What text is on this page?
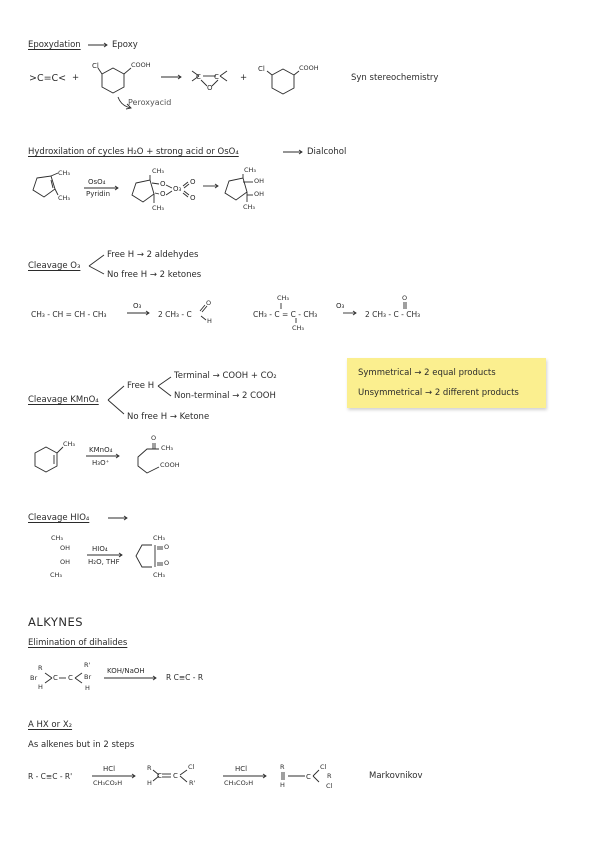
Epoxydation	Epoxy
>C=C< +
Cl	COOH
Peroxyacid
C C
O
+
Cl	COOH
Syn stereochemistry
Hydroxilation of cycles H₂O + strong acid or OsO₄	Dialcohol
CH₃
CH₃
OsO₄
Pyridin
O
O
O
O
CH₃
CH₃
O₃
CH₃
OH
OH
CH₃
Cleavage O₃
Free H → 2 aldehydes
No free H → 2 ketones
CH₃ - CH = CH - CH₃
O₃
2 CH₃ - C
O
H
CH₃
CH₃ - C = C - CH₃
CH₃
O₃
O
2 CH₃ - C - CH₃
Symmetrical → 2 equal products
Unsymmetrical → 2 different products
Cleavage KMnO₄
Free H
Terminal → COOH + CO₂
Non-terminal → 2 COOH
No free H → Ketone
CH₃
KMnO₄
H₃O⁺
O
CH₃
COOH
Cleavage HIO₄
CH₃
OH
OH
CH₃
HIO₄
H₂O, THF
CH₃
O
O
CH₃
ALKYNES
Elimination of dihalides
C C
R
Br
H
R'
Br
H
KOH/NaOH
R C≡C - R
A HX or X₂
As alkenes but in 2 steps
R - C≡C - R'
HCl
CH₃CO₂H
C
C
R
H
Cl
R'
HCl
CH₃CO₂H
C
R
H
Cl
R
Cl
Markovnikov
